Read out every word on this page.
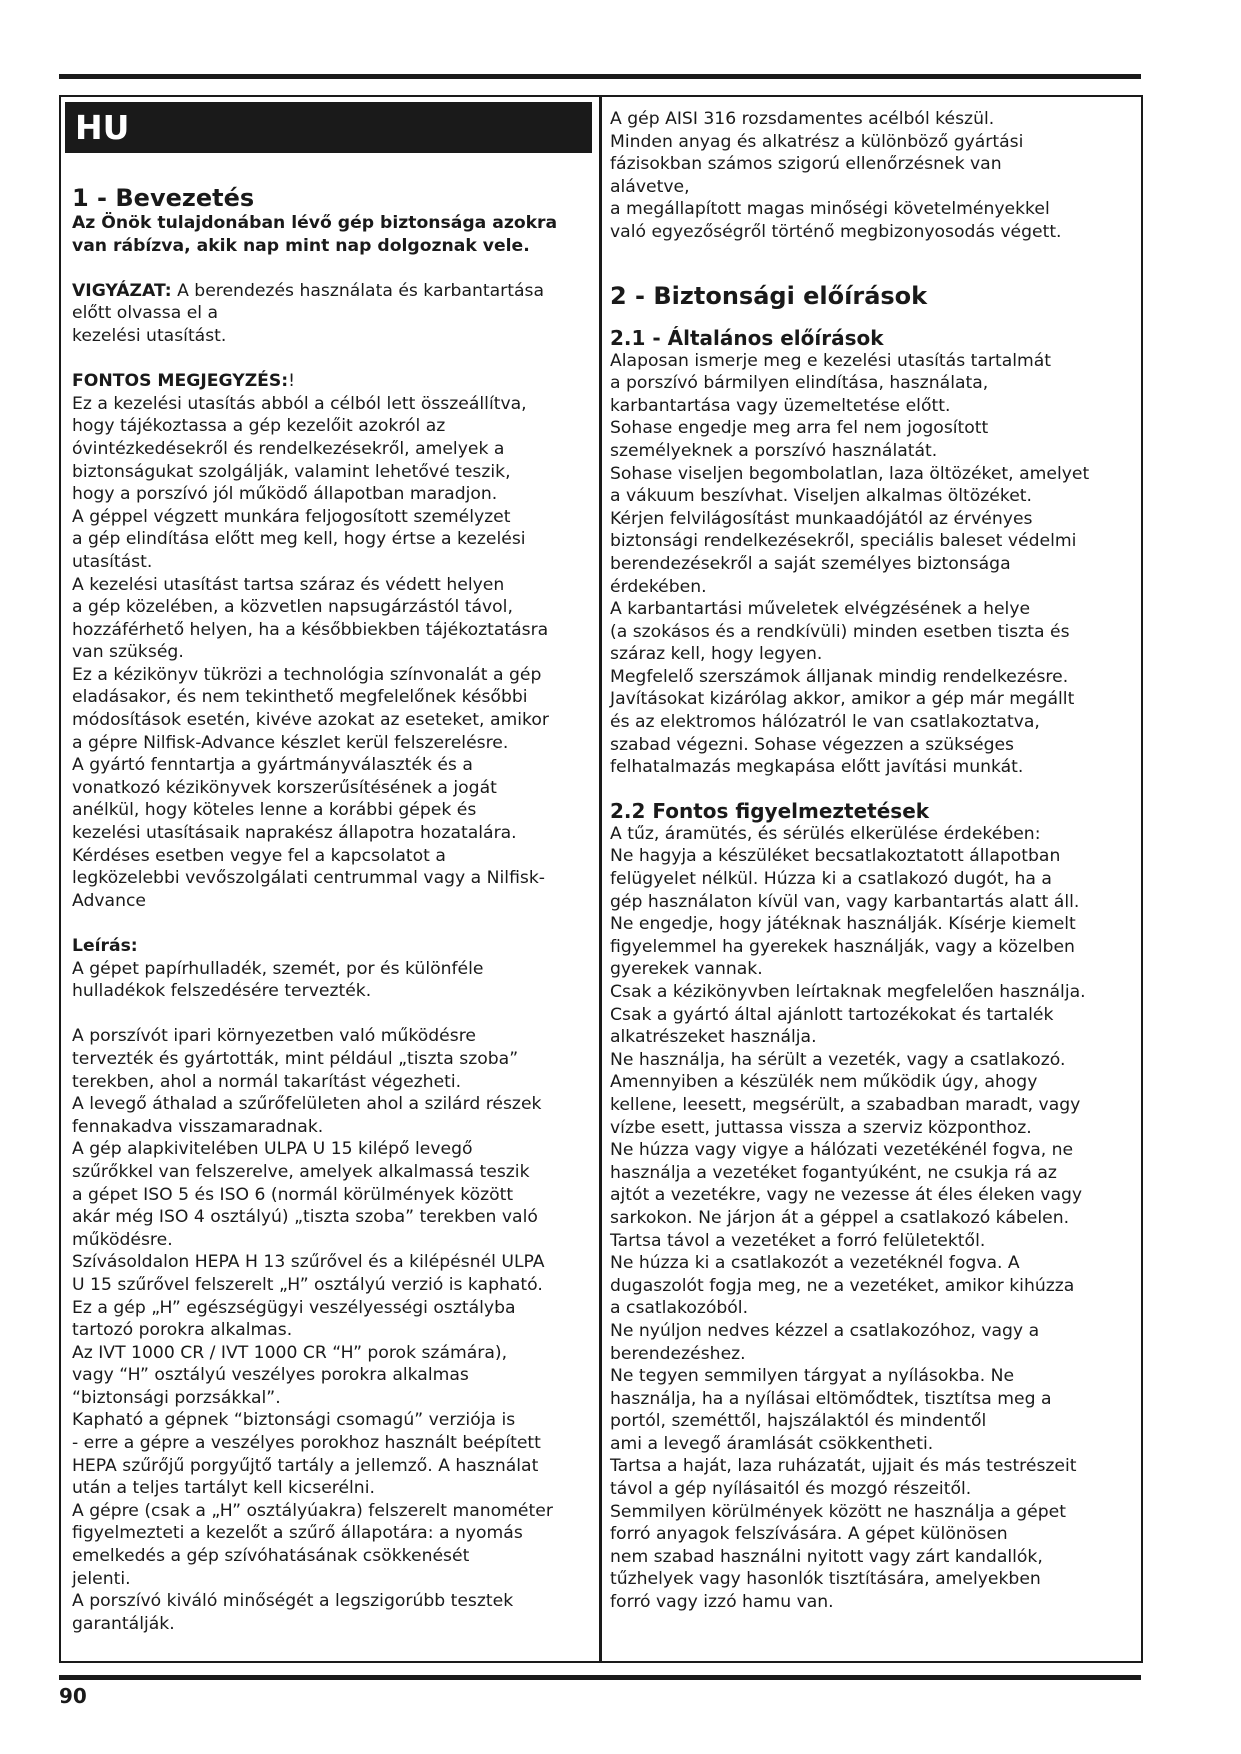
HU

1 - Bevezetés

Az Önök tulajdonában lévő gép biztonsága azokra

van rábízva, akik nap mint nap dolgoznak vele.

VIGYÁZAT: A berendezés használata és karbantartása

előtt olvassa el a

kezelési utasítást.

FONTOS MEGJEGYZÉS:!

Ez a kezelési utasítás abból a célból lett összeállítva,

hogy tájékoztassa a gép kezelőit azokról az

óvintézkedésekről és rendelkezésekről, amelyek a

biztonságukat szolgálják, valamint lehetővé teszik,

hogy a porszívó jól működő állapotban maradjon.

A géppel végzett munkára feljogosított személyzet

a gép elindítása előtt meg kell, hogy értse a kezelési

utasítást.

A kezelési utasítást tartsa száraz és védett helyen

a gép közelében, a közvetlen napsugárzástól távol,

hozzáférhető helyen, ha a későbbiekben tájékoztatásra

van szükség.

Ez a kézikönyv tükrözi a technológia színvonalát a gép

eladásakor, és nem tekinthető megfelelőnek későbbi

módosítások esetén, kivéve azokat az eseteket, amikor

a gépre Nilfisk-Advance készlet kerül felszerelésre.

A gyártó fenntartja a gyártmányválaszték és a

vonatkozó kézikönyvek korszerűsítésének a jogát

anélkül, hogy köteles lenne a korábbi gépek és

kezelési utasításaik naprakész állapotra hozatalára.

Kérdéses esetben vegye fel a kapcsolatot a

legközelebbi vevőszolgálati centrummal vagy a Nilfisk-

Advance

Leírás:

A gépet papírhulladék, szemét, por és különféle

hulladékok felszedésére tervezték.

A porszívót ipari környezetben való működésre

tervezték és gyártották, mint például „tiszta szoba”

terekben, ahol a normál takarítást végezheti.

A levegő áthalad a szűrőfelületen ahol a szilárd részek

fennakadva visszamaradnak.

A gép alapkivitelében ULPA U 15 kilépő levegő

szűrőkkel van felszerelve, amelyek alkalmassá teszik

a gépet ISO 5 és ISO 6 (normál körülmények között

akár még ISO 4 osztályú) „tiszta szoba” terekben való

működésre.

Szívásoldalon HEPA H 13 szűrővel és a kilépésnél ULPA

U 15 szűrővel felszerelt „H” osztályú verzió is kapható.

Ez a gép „H” egészségügyi veszélyességi osztályba

tartozó porokra alkalmas.

Az IVT 1000 CR / IVT 1000 CR “H” porok számára),

vagy “H” osztályú veszélyes porokra alkalmas

“biztonsági porzsákkal”.

Kapható a gépnek “biztonsági csomagú” verziója is

- erre a gépre a veszélyes porokhoz használt beépített

HEPA szűrőjű porgyűjtő tartály a jellemző. A használat

után a teljes tartályt kell kicserélni.

A gépre (csak a „H” osztályúakra) felszerelt manométer

figyelmezteti a kezelőt a szűrő állapotára: a nyomás

emelkedés a gép szívóhatásának csökkenését

jelenti.

A porszívó kiváló minőségét a legszigorúbb tesztek

garantálják.

A gép AISI 316 rozsdamentes acélból készül.

Minden anyag és alkatrész a különböző gyártási

fázisokban számos szigorú ellenőrzésnek van

alávetve,

a megállapított magas minőségi követelményekkel

való egyezőségről történő megbizonyosodás végett.

2 - Biztonsági előírások

2.1 - Általános előírások

Alaposan ismerje meg e kezelési utasítás tartalmát

a porszívó bármilyen elindítása, használata,

karbantartása vagy üzemeltetése előtt.

Sohase engedje meg arra fel nem jogosított

személyeknek a porszívó használatát.

Sohase viseljen begombolatlan, laza öltözéket, amelyet

a vákuum beszívhat. Viseljen alkalmas öltözéket.

Kérjen felvilágosítást munkaadójától az érvényes

biztonsági rendelkezésekről, speciális baleset védelmi

berendezésekről a saját személyes biztonsága

érdekében.

A karbantartási műveletek elvégzésének a helye

(a szokásos és a rendkívüli) minden esetben tiszta és

száraz kell, hogy legyen.

Megfelelő szerszámok álljanak mindig rendelkezésre.

Javításokat kizárólag akkor, amikor a gép már megállt

és az elektromos hálózatról le van csatlakoztatva,

szabad végezni. Sohase végezzen a szükséges

felhatalmazás megkapása előtt javítási munkát.

2.2 Fontos figyelmeztetések

A tűz, áramütés, és sérülés elkerülése érdekében:

Ne hagyja a készüléket becsatlakoztatott állapotban

felügyelet nélkül. Húzza ki a csatlakozó dugót, ha a

gép használaton kívül van, vagy karbantartás alatt áll.

Ne engedje, hogy játéknak használják. Kísérje kiemelt

figyelemmel ha gyerekek használják, vagy a közelben

gyerekek vannak.

Csak a kézikönyvben leírtaknak megfelelően használja.

Csak a gyártó által ajánlott tartozékokat és tartalék

alkatrészeket használja.

Ne használja, ha sérült a vezeték, vagy a csatlakozó.

Amennyiben a készülék nem működik úgy, ahogy

kellene, leesett, megsérült, a szabadban maradt, vagy

vízbe esett, juttassa vissza a szerviz központhoz.

Ne húzza vagy vigye a hálózati vezetékénél fogva, ne

használja a vezetéket fogantyúként, ne csukja rá az

ajtót a vezetékre, vagy ne vezesse át éles éleken vagy

sarkokon. Ne járjon át a géppel a csatlakozó kábelen.

Tartsa távol a vezetéket a forró felületektől.

Ne húzza ki a csatlakozót a vezetéknél fogva. A

dugaszolót fogja meg, ne a vezetéket, amikor kihúzza

a csatlakozóból.

Ne nyúljon nedves kézzel a csatlakozóhoz, vagy a

berendezéshez.

Ne tegyen semmilyen tárgyat a nyílásokba. Ne

használja, ha a nyílásai eltömődtek, tisztítsa meg a

portól, szeméttől, hajszálaktól és mindentől

ami a levegő áramlását csökkentheti.

Tartsa a haját, laza ruházatát, ujjait és más testrészeit

távol a gép nyílásaitól és mozgó részeitől.

Semmilyen körülmények között ne használja a gépet

forró anyagok felszívására. A gépet különösen

nem szabad használni nyitott vagy zárt kandallók,

tűzhelyek vagy hasonlók tisztítására, amelyekben

forró vagy izzó hamu van.

90
